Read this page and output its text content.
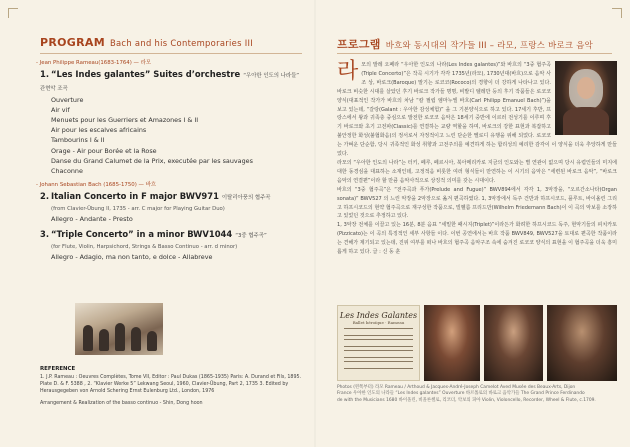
PROGRAM Bach and his Contemporaries III
- Jean Philippe Rameau(1683-1764) — 라모
1. “Les Indes galantes” Suites d’orchestre “우아한 인도의 나라들” 관현악 조곡
Ouverture
Air vif
Menuets pour les Guerriers et Amazones I & II
Air pour les escalves africains
Tambourins I & II
Orage - Air pour Borée et la Rose
Danse du Grand Calumet de la Prix, executée par les sauvages
Chaconne
- Johann Sebastian Bach (1685-1750) — 바흐
2. Italian Concerto in F major BWV971 이탈리아풍의 협주곡
(from Clavier-Übung II, 1735 - arr. C major for Playing Guitar Duo)
Allegro - Andante - Presto
3. “Triple Concerto” in a minor BWV1044 “3중 협주곡”
(for Flute, Violin, Harpsichord, Strings & Basso Continuo - arr. d minor)
Allegro - Adagio, ma non tanto, e dolce - Allabreve
REFERENCE
1. J.P. Rameau : Oeuvres Complètes, Tome VII, Editor : Paul Dukas (1865-1935) Paris: A. Durand et Fils, 1895.
Plate D. & F. 5388 , 2. “Klavier Werke 5” Lekwang Seoul, 1960, Clavier-Übung, Part 2, 1735 3. Edited by
Herausgegeben von Arnold Schering Ernst Eulenburg Ltd., London, 1976
Arrangement & Realization of the basso continuo - Shin, Dong hoon
프로그램 바흐와 동시대의 작가들 III – 라모, 프랑스 바로크 음악
라 모의 발레 오페라 “우아한 인도의 나라(Les Indes galantes)”와 바흐의 “3중 협주곡(Triple Concerto)”은 작곡 시기가 각각 1735년(라모), 1730년대(바흐)으로 음악 사조 상, 바로크(Baroque) 말기는 로코코(Rococo)의 경향이 더 강하게 나타나고 있다. 바로크 비슷한 시대를 살았던 후기 바로크 작가들 명명, 비발디 텔레만 등의 후기 작품들은 로코코 양식(대표적인 작가가 바흐의 차남 “칼 필립 엠마누엘 바흐(Carl Philipp Emanuel Bach)”)을 보고 있는데, “갈랑(Galant : 우아한 감성체험)” 을 그 기본양식으로 하고 있다. 17세기 후반, 프랑스에서 왕과 귀족층 중심으로 발전한 로코코 음악은 18세기 중반에 이르러 전성기를 이루며 후기 바로크와 초기 고전파(Classic)를 연결하는 교량 역할을 하며, 바로크의 강한 표현과 복잡하고 불안정한 화성(불협화음)의 정서로서 자정적이고 느린 단순한 멜로디 유행을 위해 되었다. 로코코는 가벼운 단순함, 당시 귀족적인 화성 취향과 고전주의를 예견하게 하는 합리성의 예리한 감각이 이 양식을 더욱 추앙하게 만들었다.
라모의 “우아한 인도의 나라”는 터키, 페루, 페르시아, 북아메리카로 지금의 인도와는 별 연관이 없으며 당시 유럽인들의 미지에 대한 동경심을 대표하는 소재인데, 고정적음 비롯한 여러 형식들이 만연하는 이 시기의 음악은 “세련된 바로크 음악”, “바로크 음악의 연결편”이라 할 만큼 음악사적으로 상징적 의미를 갖는 시대이다.
바흐의 “3중 협주곡”은 “전주곡과 푸가(Prelude and Fugue)” BWV894에서 각각 1, 3악장을, “오르간소나타(Organ sonata)” BWV527 의 느린 악장을 2악장으로 옮겨 편곡하였다. 1, 3악장에서 독주 건반과 하프시코드, 플루트, 바이올린 그리고 하프시코드의 현약 협주곡으로 재구성한 작품으로, 빌헬름 프리드만(Wilhelm Friedemann Bach)이 이 곡의 악보를 소장하고 있었던 것으로 추정하고 있다.
1, 3악장 전체를 이끌고 있는 16분, 8분 음표 “세밀한 패시지(Triplet)”이라든가 화려한 하프시코드 독주, 현악기들의 피치카토(Pizzicato)는 이 곡의 특징적인 세부 사항들 이다. 이번 공연에서는 바흐 작품 BWV849, BWV527을 토대로 편곡한 작품이라는 견해가 제기되고 있는데, 진위 여부를 떠나 바흐의 협주곡 음악구조 속에 숨겨진 로코코 양식의 표현을 이 협주곡을 더욱 흥미롭게 하고 있다. 글 : 신 동 훈
Les Indes Galantes
Ballet héroïque · Rameau
Photos (왼쪽부터) 라모 Rameau / Arthoud & Jacques-André-Joseph Camelot Aved Musée des Beaux-Arts, Dijon
France 우아한 인도의 나라들 “Les Indes galantes” Ouverture 바르톨로의 바로크 음악가들 The Grand Prince Ferdinando
de with the Musicians 1680 바이올린, 비올론첼로, 리코더, 악보의 피아 Violin, Violoncello, Recorder, Wheel & Flute, c.1709.
